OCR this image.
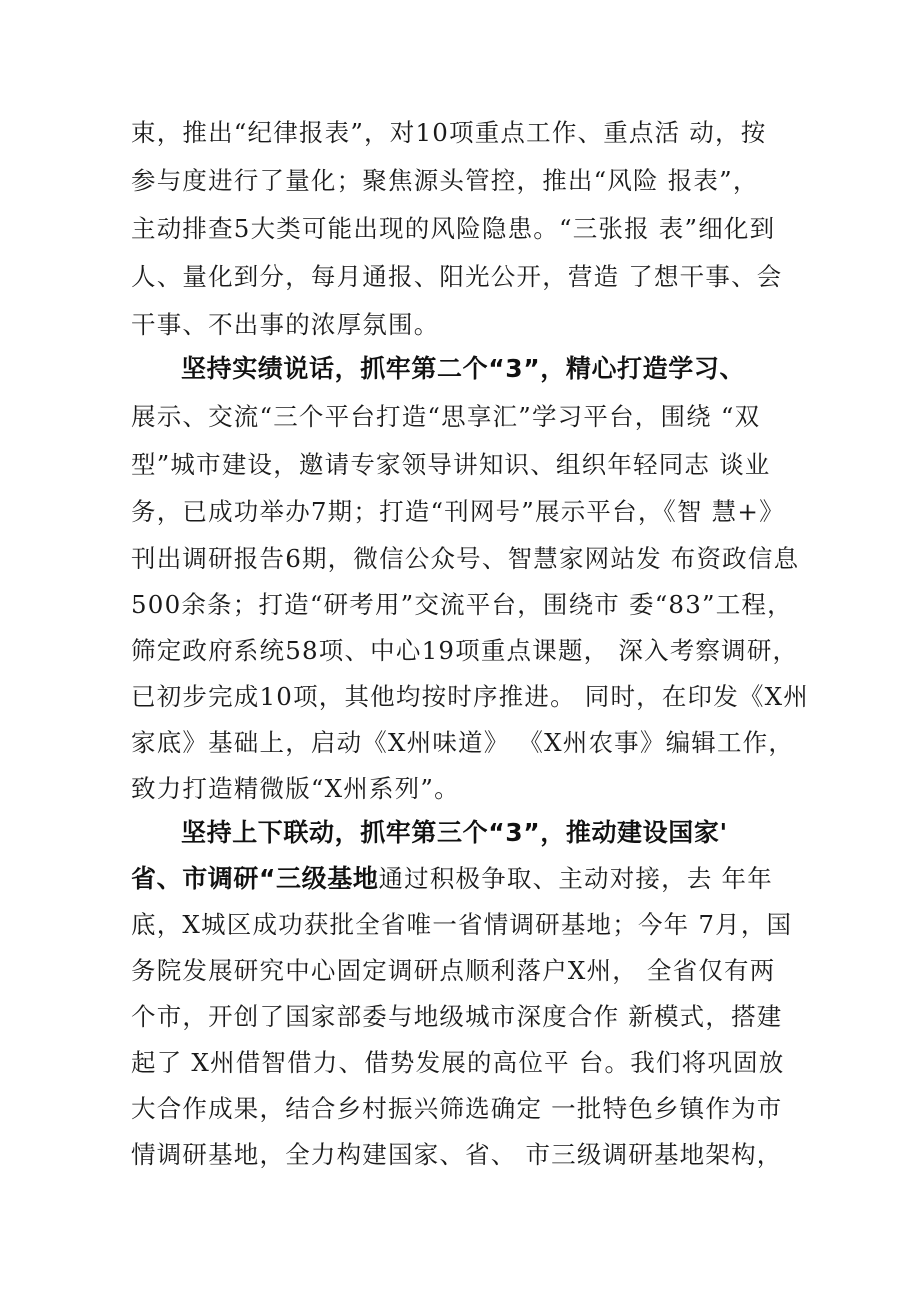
束，推出“纪律报表”，对10项重点工作、重点活 动，按
参与度进行了量化；聚焦源头管控，推出“风险 报表”，
主动排查5大类可能出现的风险隐患。“三张报 表”细化到
人、量化到分，每月通报、阳光公开，营造 了想干事、会
干事、不出事的浓厚氛围。
坚持实绩说话，抓牢第二个“3”，精心打造学习、
展示、交流“三个平台打造“思享汇”学习平台，围绕 “双
型”城市建设，邀请专家领导讲知识、组织年轻同志 谈业
务，已成功举办7期；打造“刊网号”展示平台，《智 慧+》
刊出调研报告6期，微信公众号、智慧家网站发 布资政信息
500余条；打造“研考用”交流平台，围绕市 委“83”工程，
筛定政府系统58项、中心19项重点课题， 深入考察调研，
已初步完成10项，其他均按时序推进。 同时，在印发《X州
家底》基础上，启动《X州味道》 《X州农事》编辑工作，
致力打造精微版“X州系列”。
坚持上下联动，抓牢第三个“3”，推动建设国家'
省、市调研“三级基地通过积极争取、主动对接，去 年年
底，X城区成功获批全省唯一省情调研基地；今年 7月，国
务院发展研究中心固定调研点顺利落户X州， 全省仅有两
个市，开创了国家部委与地级城市深度合作 新模式，搭建
起了 X州借智借力、借势发展的高位平 台。我们将巩固放
大合作成果，结合乡村振兴筛选确定 一批特色乡镇作为市
情调研基地，全力构建国家、省、 市三级调研基地架构，
